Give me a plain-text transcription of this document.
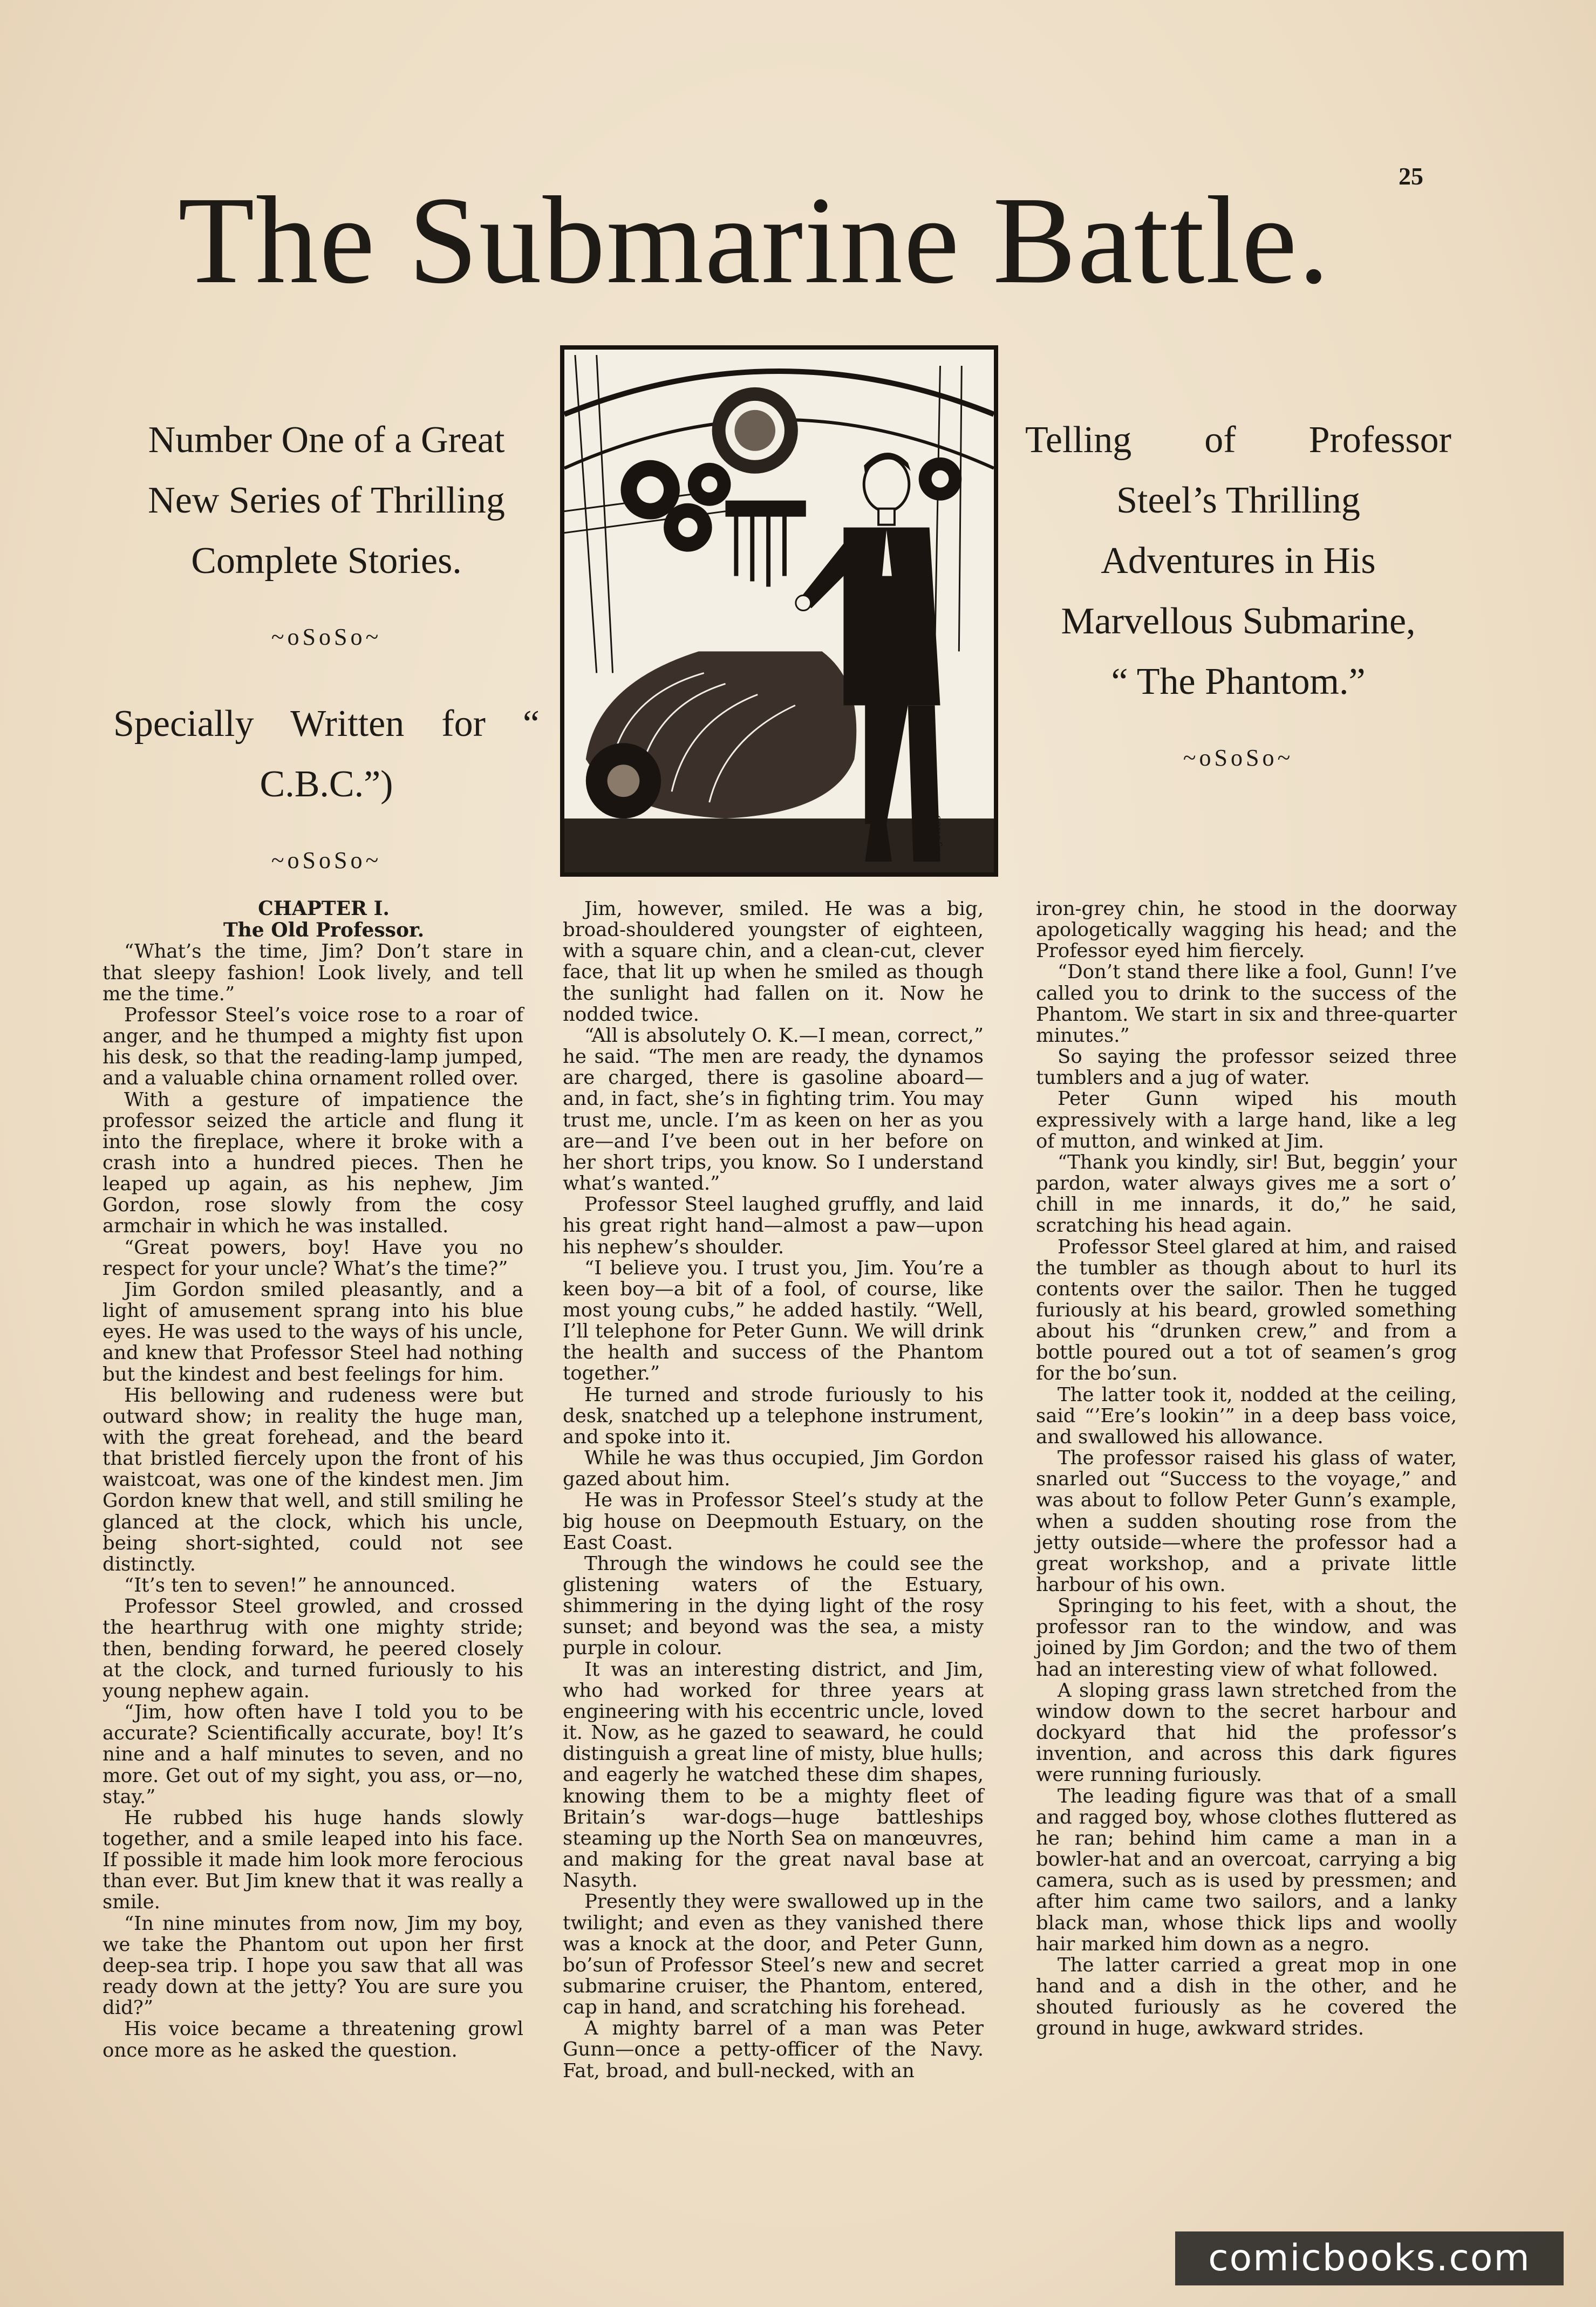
25
The Submarine Battle.

Number One of a Great

New Series of Thrilling

Complete Stories.

~oSoSo~

Specially Written for “ C.B.C.”)

~oSoSo~
A.Jones

Telling of Professor

Steel’s Thrilling

Adventures in His

Marvellous Submarine,

“ The Phantom.”

~oSoSo~

CHAPTER I.

The Old Professor.

“What’s the time, Jim? Don’t stare in that sleepy fashion! Look lively, and tell me the time.”

Professor Steel’s voice rose to a roar of anger, and he thumped a mighty fist upon his desk, so that the reading-lamp jumped, and a valuable china ornament rolled over.

With a gesture of impatience the professor seized the article and flung it into the fireplace, where it broke with a crash into a hundred pieces. Then he leaped up again, as his nephew, Jim Gordon, rose slowly from the cosy armchair in which he was installed.

“Great powers, boy! Have you no respect for your uncle? What’s the time?”

Jim Gordon smiled pleasantly, and a light of amusement sprang into his blue eyes. He was used to the ways of his uncle, and knew that Professor Steel had nothing but the kindest and best feelings for him.

His bellowing and rudeness were but outward show; in reality the huge man, with the great forehead, and the beard that bristled fiercely upon the front of his waistcoat, was one of the kindest men. Jim Gordon knew that well, and still smiling he glanced at the clock, which his uncle, being short-sighted, could not see distinctly.

“It’s ten to seven!” he announced.

Professor Steel growled, and crossed the hearthrug with one mighty stride; then, bending forward, he peered closely at the clock, and turned furiously to his young nephew again.

“Jim, how often have I told you to be accurate? Scientifically accurate, boy! It’s nine and a half minutes to seven, and no more. Get out of my sight, you ass, or—no, stay.”

He rubbed his huge hands slowly together, and a smile leaped into his face. If possible it made him look more ferocious than ever. But Jim knew that it was really a smile.

“In nine minutes from now, Jim my boy, we take the Phantom out upon her first deep-sea trip. I hope you saw that all was ready down at the jetty? You are sure you did?”

His voice became a threatening growl once more as he asked the question.

Jim, however, smiled. He was a big, broad-shouldered youngster of eighteen, with a square chin, and a clean-cut, clever face, that lit up when he smiled as though the sunlight had fallen on it. Now he nodded twice.

“All is absolutely O. K.—I mean, correct,” he said. “The men are ready, the dynamos are charged, there is gasoline aboard—and, in fact, she’s in fighting trim. You may trust me, uncle. I’m as keen on her as you are—and I’ve been out in her before on her short trips, you know. So I understand what’s wanted.”

Professor Steel laughed gruffly, and laid his great right hand—almost a paw—upon his nephew’s shoulder.

“I believe you. I trust you, Jim. You’re a keen boy—a bit of a fool, of course, like most young cubs,” he added hastily. “Well, I’ll telephone for Peter Gunn. We will drink the health and success of the Phantom together.”

He turned and strode furiously to his desk, snatched up a telephone instrument, and spoke into it.

While he was thus occupied, Jim Gordon gazed about him.

He was in Professor Steel’s study at the big house on Deepmouth Estuary, on the East Coast.

Through the windows he could see the glistening waters of the Estuary, shimmering in the dying light of the rosy sunset; and beyond was the sea, a misty purple in colour.

It was an interesting district, and Jim, who had worked for three years at engineering with his eccentric uncle, loved it. Now, as he gazed to seaward, he could distinguish a great line of misty, blue hulls; and eagerly he watched these dim shapes, knowing them to be a mighty fleet of Britain’s war-dogs—huge battleships steaming up the North Sea on manœuvres, and making for the great naval base at Nasyth.

Presently they were swallowed up in the twilight; and even as they vanished there was a knock at the door, and Peter Gunn, bo’sun of Professor Steel’s new and secret submarine cruiser, the Phantom, entered, cap in hand, and scratching his forehead.

A mighty barrel of a man was Peter Gunn—once a petty-officer of the Navy. Fat, broad, and bull-necked, with an

iron-grey chin, he stood in the doorway apologetically wagging his head; and the Professor eyed him fiercely.

“Don’t stand there like a fool, Gunn! I’ve called you to drink to the success of the Phantom. We start in six and three-quarter minutes.”

So saying the professor seized three tumblers and a jug of water.

Peter Gunn wiped his mouth expressively with a large hand, like a leg of mutton, and winked at Jim.

“Thank you kindly, sir! But, beggin’ your pardon, water always gives me a sort o’ chill in me innards, it do,” he said, scratching his head again.

Professor Steel glared at him, and raised the tumbler as though about to hurl its contents over the sailor. Then he tugged furiously at his beard, growled something about his “drunken crew,” and from a bottle poured out a tot of seamen’s grog for the bo’sun.

The latter took it, nodded at the ceiling, said “’Ere’s lookin’” in a deep bass voice, and swallowed his allowance.

The professor raised his glass of water, snarled out “Success to the voyage,” and was about to follow Peter Gunn’s example, when a sudden shouting rose from the jetty outside—where the professor had a great workshop, and a private little harbour of his own.

Springing to his feet, with a shout, the professor ran to the window, and was joined by Jim Gordon; and the two of them had an interesting view of what followed.

A sloping grass lawn stretched from the window down to the secret harbour and dockyard that hid the professor’s invention, and across this dark figures were running furiously.

The leading figure was that of a small and ragged boy, whose clothes fluttered as he ran; behind him came a man in a bowler-hat and an overcoat, carrying a big camera, such as is used by pressmen; and after him came two sailors, and a lanky black man, whose thick lips and woolly hair marked him down as a negro.

The latter carried a great mop in one hand and a dish in the other, and he shouted furiously as he covered the ground in huge, awkward strides.

comicbooks.com
